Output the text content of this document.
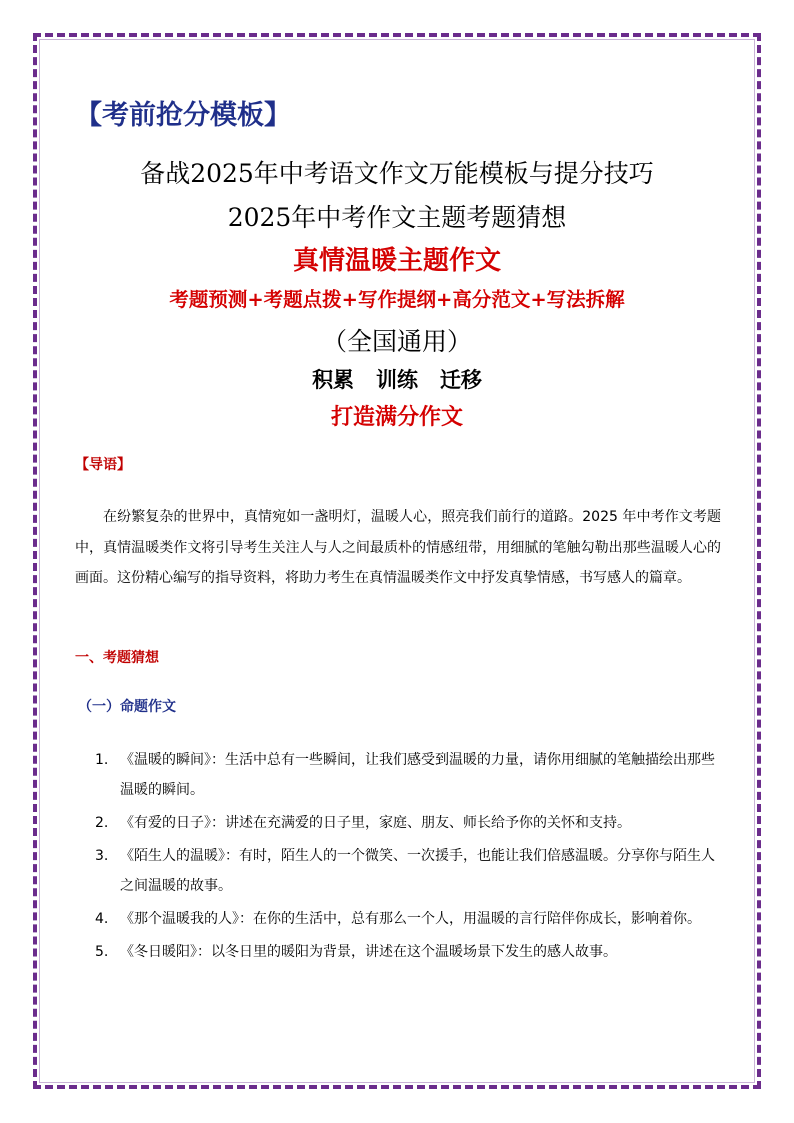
【考前抢分模板】
备战2025年中考语文作文万能模板与提分技巧
2025年中考作文主题考题猜想
真情温暖主题作文
考题预测+考题点拨+写作提纲+高分范文+写法拆解
（全国通用）
积累   训练   迁移
打造满分作文
【导语】

在纷繁复杂的世界中，真情宛如一盏明灯，温暖人心，照亮我们前行的道路。2025 年中考作文考题中，真情温暖类作文将引导考生关注人与人之间最质朴的情感纽带，用细腻的笔触勾勒出那些温暖人心的画面。这份精心编写的指导资料，将助力考生在真情温暖类作文中抒发真挚情感，书写感人的篇章。

一、考题猜想
（一）命题作文
1. 《温暖的瞬间》：生活中总有一些瞬间，让我们感受到温暖的力量，请你用细腻的笔触描绘出那些温暖的瞬间。
2. 《有爱的日子》：讲述在充满爱的日子里，家庭、朋友、师长给予你的关怀和支持。
3. 《陌生人的温暖》：有时，陌生人的一个微笑、一次援手，也能让我们倍感温暖。分享你与陌生人之间温暖的故事。
4. 《那个温暖我的人》：在你的生活中，总有那么一个人，用温暖的言行陪伴你成长，影响着你。
5. 《冬日暖阳》：以冬日里的暖阳为背景，讲述在这个温暖场景下发生的感人故事。
